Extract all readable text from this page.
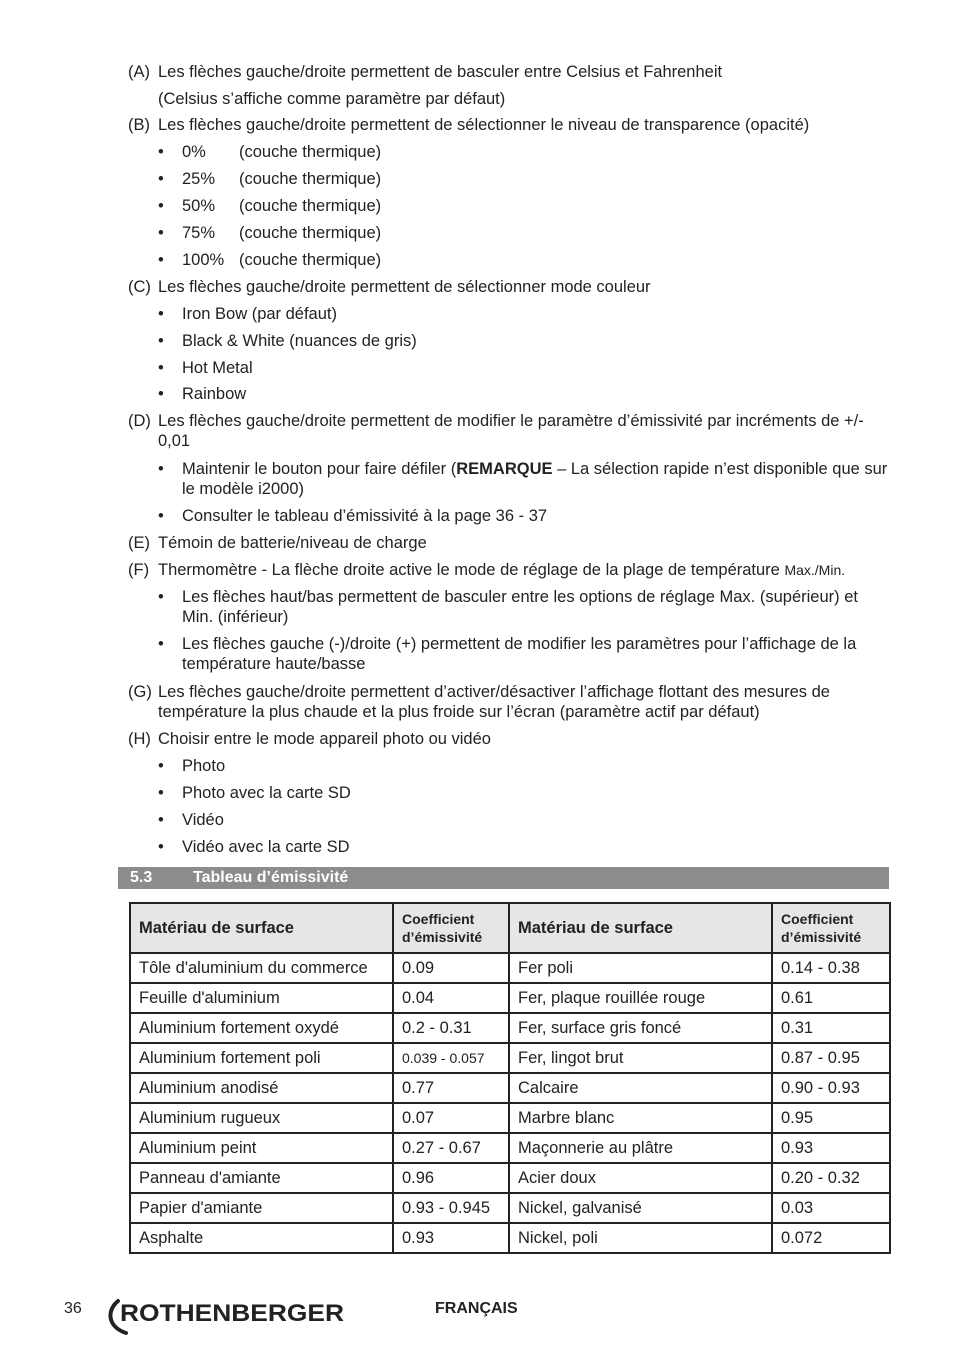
(A) Les flèches gauche/droite permettent de basculer entre Celsius et Fahrenheit
(Celsius s’affiche comme paramètre par défaut)
(B) Les flèches gauche/droite permettent de sélectionner le niveau de transparence (opacité)
• 0% (couche thermique)
• 25% (couche thermique)
• 50% (couche thermique)
• 75% (couche thermique)
• 100% (couche thermique)
(C) Les flèches gauche/droite permettent de sélectionner mode couleur
• Iron Bow (par défaut)
• Black & White (nuances de gris)
• Hot Metal
• Rainbow
(D) Les flèches gauche/droite permettent de modifier le paramètre d’émissivité par incréments de +/- 0,01
• Maintenir le bouton pour faire défiler (REMARQUE – La sélection rapide n’est disponible que sur le modèle i2000)
• Consulter le tableau d’émissivité à la page 36 - 37
(E) Témoin de batterie/niveau de charge
(F) Thermomètre - La flèche droite active le mode de réglage de la plage de température Max./Min.
• Les flèches haut/bas permettent de basculer entre les options de réglage Max. (supérieur) et Min. (inférieur)
• Les flèches gauche (-)/droite (+) permettent de modifier les paramètres pour l’affichage de la température haute/basse
(G) Les flèches gauche/droite permettent d’activer/désactiver l’affichage flottant des mesures de température la plus chaude et la plus froide sur l’écran (paramètre actif par défaut)
(H) Choisir entre le mode appareil photo ou vidéo
• Photo
• Photo avec la carte SD
• Vidéo
• Vidéo avec la carte SD
5.3	Tableau d’émissivité
Matériau de surface	Coefficient d’émissivité	Matériau de surface	Coefficient d’émissivité
Tôle d'aluminium du commerce	0.09	Fer poli	0.14 - 0.38
Feuille d'aluminium	0.04	Fer, plaque rouillée rouge	0.61
Aluminium fortement oxydé	0.2 - 0.31	Fer, surface gris foncé	0.31
Aluminium fortement poli	0.039 - 0.057	Fer, lingot brut	0.87 - 0.95
Aluminium anodisé	0.77	Calcaire	0.90 - 0.93
Aluminium rugueux	0.07	Marbre blanc	0.95
Aluminium peint	0.27 - 0.67	Maçonnerie au plâtre	0.93
Panneau d'amiante	0.96	Acier doux	0.20 - 0.32
Papier d'amiante	0.93 - 0.945	Nickel, galvanisé	0.03
Asphalte	0.93	Nickel, poli	0.072
36 ROTHENBERGER	FRANÇAIS
